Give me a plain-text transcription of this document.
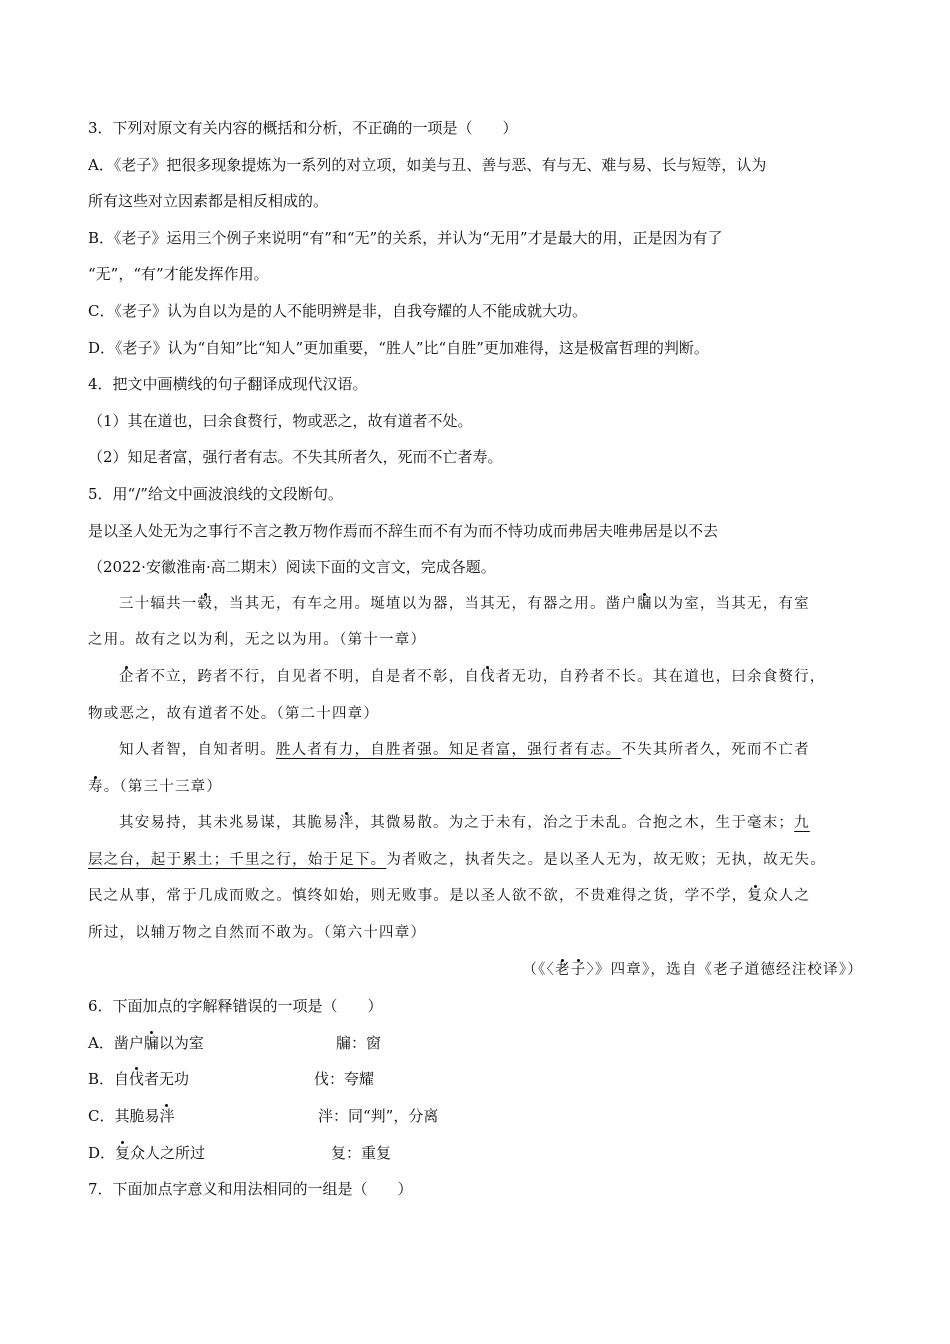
3．下列对原文有关内容的概括和分析，不正确的一项是（　　）
A．《老子》把很多现象提炼为一系列的对立项，如美与丑、善与恶、有与无、难与易、长与短等，认为
所有这些对立因素都是相反相成的。
B．《老子》运用三个例子来说明“有”和“无”的关系，并认为“无用”才是最大的用，正是因为有了
“无”，“有”才能发挥作用。
C．《老子》认为自以为是的人不能明辨是非，自我夸耀的人不能成就大功。
D．《老子》认为“自知”比“知人”更加重要，“胜人”比“自胜”更加难得，这是极富哲理的判断。
4．把文中画横线的句子翻译成现代汉语。
（1）其在道也，曰余食赘行，物或恶之，故有道者不处。
（2）知足者富，强行者有志。不失其所者久，死而不亡者寿。
5．用“/”给文中画波浪线的文段断句。
是以圣人处无为之事行不言之教万物作焉而不辞生而不有为而不恃功成而弗居夫唯弗居是以不去
（2022·安徽淮南·高二期末）阅读下面的文言文，完成各题。
三十辐共一毂，当其无，有车之用。埏埴以为器，当其无，有器之用。凿户牖以为室，当其无，有室
之用。故有之以为利，无之以为用。（第十一章）
企者不立，跨者不行，自见者不明，自是者不彰，自伐者无功，自矜者不长。其在道也，曰余食赘行，
物或恶之，故有道者不处。（第二十四章）
知人者智，自知者明。胜人者有力，自胜者强。知足者富，强行者有志。不失其所者久，死而不亡者
寿。（第三十三章）
其安易持，其未兆易谋，其脆易泮，其微易散。为之于未有，治之于未乱。合抱之木，生于毫末；九
层之台，起于累土；千里之行，始于足下。为者败之，执者失之。是以圣人无为，故无败；无执，故无失。
民之从事，常于几成而败之。慎终如始，则无败事。是以圣人欲不欲，不贵难得之货，学不学，复众人之
所过，以辅万物之自然而不敢为。（第六十四章）
（《〈老子〉》四章》，选自《老子道德经注校译》）
6．下面加点的字解释错误的一项是（　　）
A．凿户牖以为室	牖：窗
B．自伐者无功	伐：夸耀
C．其脆易泮	泮：同“判”，分离
D．复众人之所过	复：重复
7．下面加点字意义和用法相同的一组是（　　）
